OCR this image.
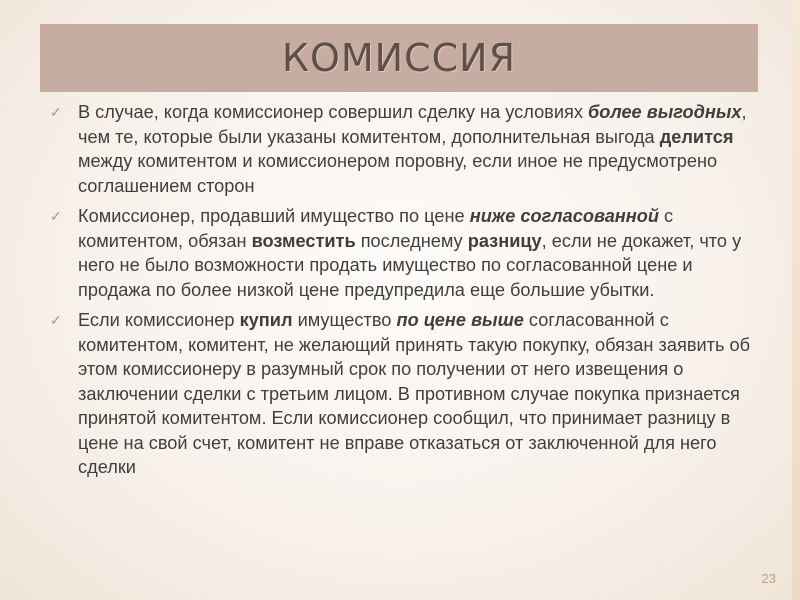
КОМИССИЯ
✓ В случае, когда комиссионер совершил сделку на условиях более выгодных, чем те, которые были указаны комитентом, дополнительная выгода делится между комитентом и комиссионером поровну, если иное не предусмотрено соглашением сторон
✓ Комиссионер, продавший имущество по цене ниже согласованной с комитентом, обязан возместить последнему разницу, если не докажет, что у него не было возможности продать имущество по согласованной цене и продажа по более низкой цене предупредила еще большие убытки.
✓ Если комиссионер купил имущество по цене выше согласованной с комитентом, комитент, не желающий принять такую покупку, обязан заявить об этом комиссионеру в разумный срок по получении от него извещения о заключении сделки с третьим лицом. В противном случае покупка признается принятой комитентом. Если комиссионер сообщил, что принимает разницу в цене на свой счет, комитент не вправе отказаться от заключенной для него сделки
23
